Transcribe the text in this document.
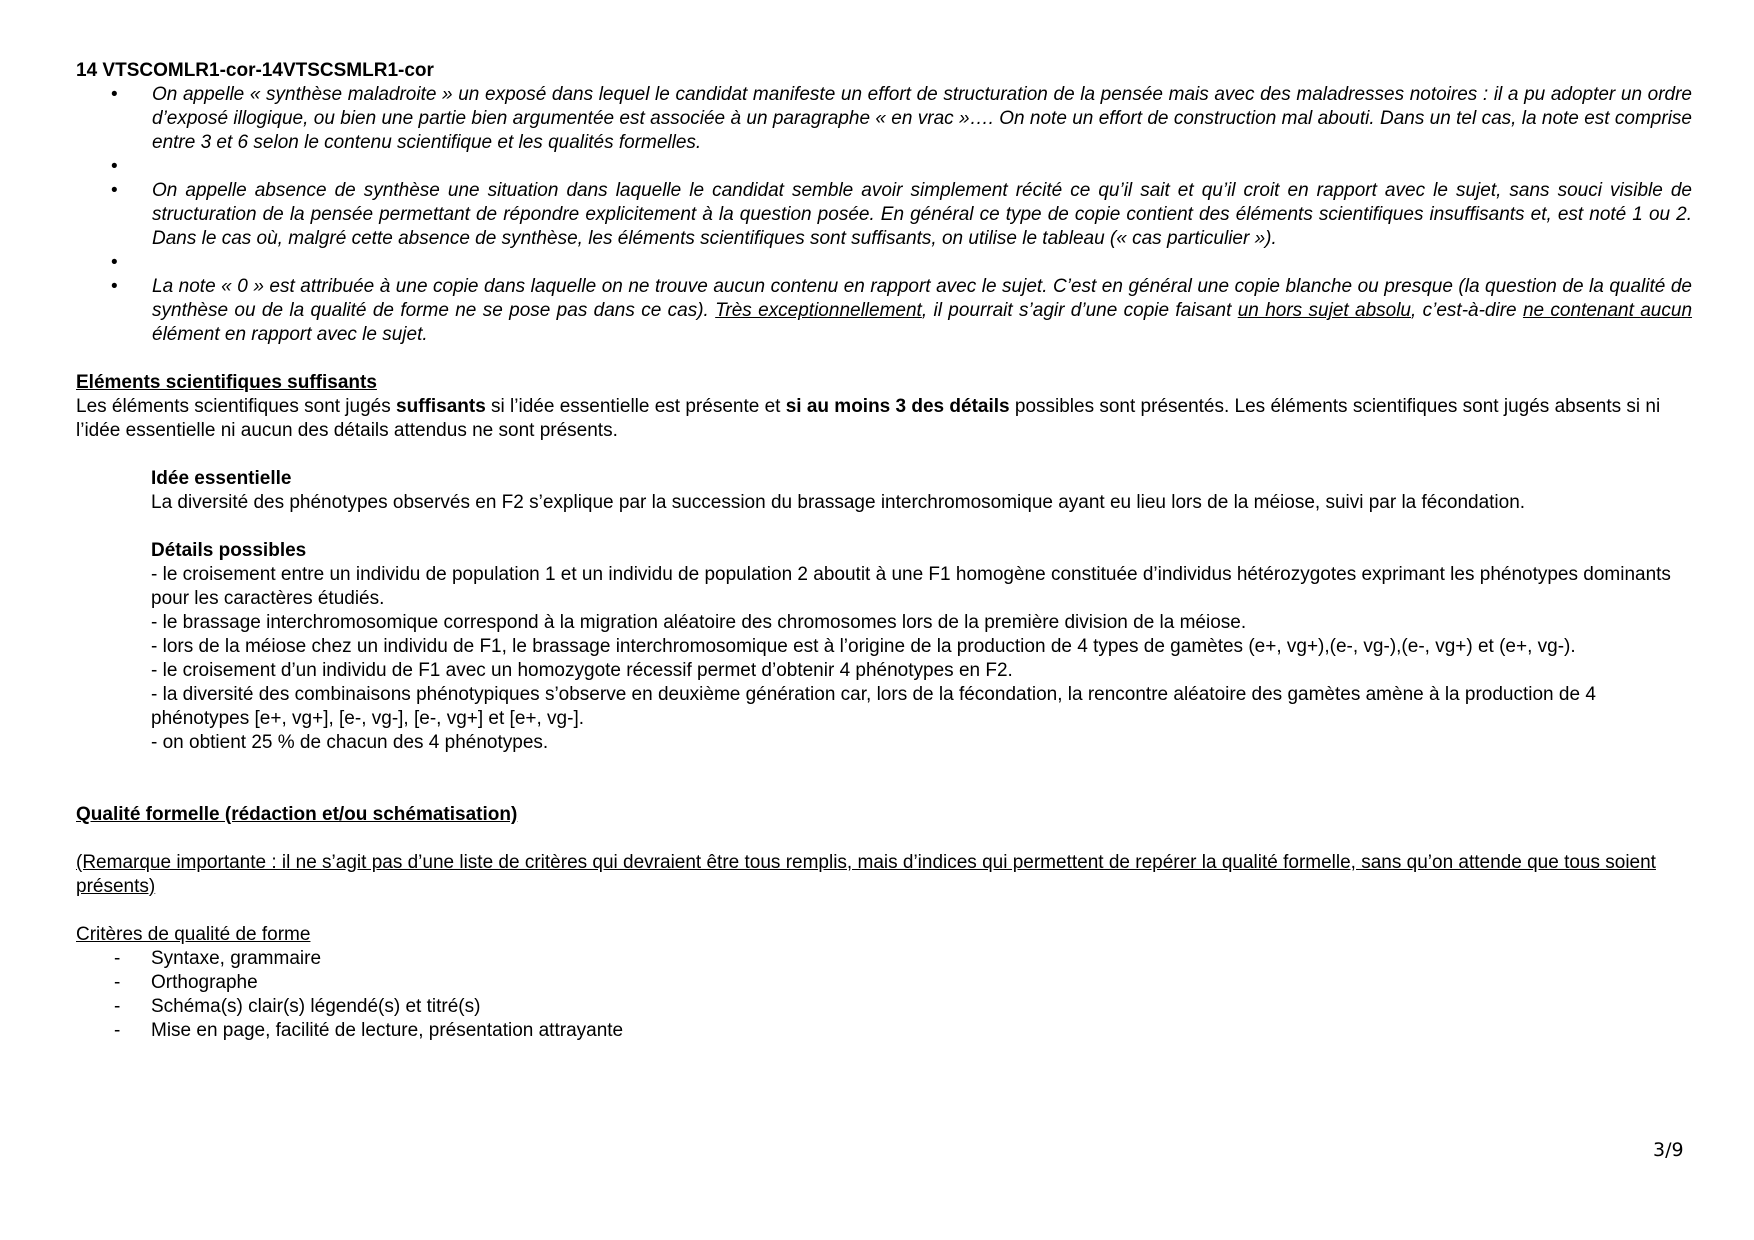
14 VTSCOMLR1-cor-14VTSCSMLR1-cor
• On appelle « synthèse maladroite » un exposé dans lequel le candidat manifeste un effort de structuration de la pensée mais avec des maladresses notoires : il a pu adopter un ordre d’exposé illogique, ou bien une partie bien argumentée est associée à un paragraphe « en vrac »…. On note un effort de construction mal abouti. Dans un tel cas, la note est comprise entre 3 et 6 selon le contenu scientifique et les qualités formelles.
•
• On appelle absence de synthèse une situation dans laquelle le candidat semble avoir simplement récité ce qu’il sait et qu’il croit en rapport avec le sujet, sans souci visible de structuration de la pensée permettant de répondre explicitement à la question posée. En général ce type de copie contient des éléments scientifiques insuffisants et, est noté 1 ou 2. Dans le cas où, malgré cette absence de synthèse, les éléments scientifiques sont suffisants, on utilise le tableau (« cas particulier »).
•
• La note « 0 » est attribuée à une copie dans laquelle on ne trouve aucun contenu en rapport avec le sujet. C’est en général une copie blanche ou presque (la question de la qualité de synthèse ou de la qualité de forme ne se pose pas dans ce cas). Très exceptionnellement, il pourrait s’agir d’une copie faisant un hors sujet absolu, c’est-à-dire ne contenant aucun élément en rapport avec le sujet.
Eléments scientifiques suffisants

Les éléments scientifiques sont jugés suffisants si l’idée essentielle est présente et si au moins 3 des détails possibles sont présentés. Les éléments scientifiques sont jugés absents si ni l’idée essentielle ni aucun des détails attendus ne sont présents.

Idée essentielle
La diversité des phénotypes observés en F2 s’explique par la succession du brassage interchromosomique ayant eu lieu lors de la méiose, suivi par la fécondation.
Détails possibles
- le croisement entre un individu de population 1 et un individu de population 2 aboutit à une F1 homogène constituée d’individus hétérozygotes exprimant les phénotypes dominants pour les caractères étudiés.
- le brassage interchromosomique correspond à la migration aléatoire des chromosomes lors de la première division de la méiose.
- lors de la méiose chez un individu de F1, le brassage interchromosomique est à l’origine de la production de 4 types de gamètes (e+, vg+),(e-, vg-),(e-, vg+) et (e+, vg-).
- le croisement d’un individu de F1 avec un homozygote récessif permet d’obtenir 4 phénotypes en F2.
- la diversité des combinaisons phénotypiques s’observe en deuxième génération car, lors de la fécondation, la rencontre aléatoire des gamètes amène à la production de 4 phénotypes [e+, vg+], [e-, vg-], [e-, vg+] et [e+, vg-].
- on obtient 25 % de chacun des 4 phénotypes.
Qualité formelle (rédaction et/ou schématisation)

(Remarque importante : il ne s’agit pas d’une liste de critères qui devraient être tous remplis, mais d’indices qui permettent de repérer la qualité formelle, sans qu’on attende que tous soient présents)

Critères de qualité de forme

- Syntaxe, grammaire
- Orthographe
- Schéma(s) clair(s) légendé(s) et titré(s)
- Mise en page, facilité de lecture, présentation attrayante
3/9
